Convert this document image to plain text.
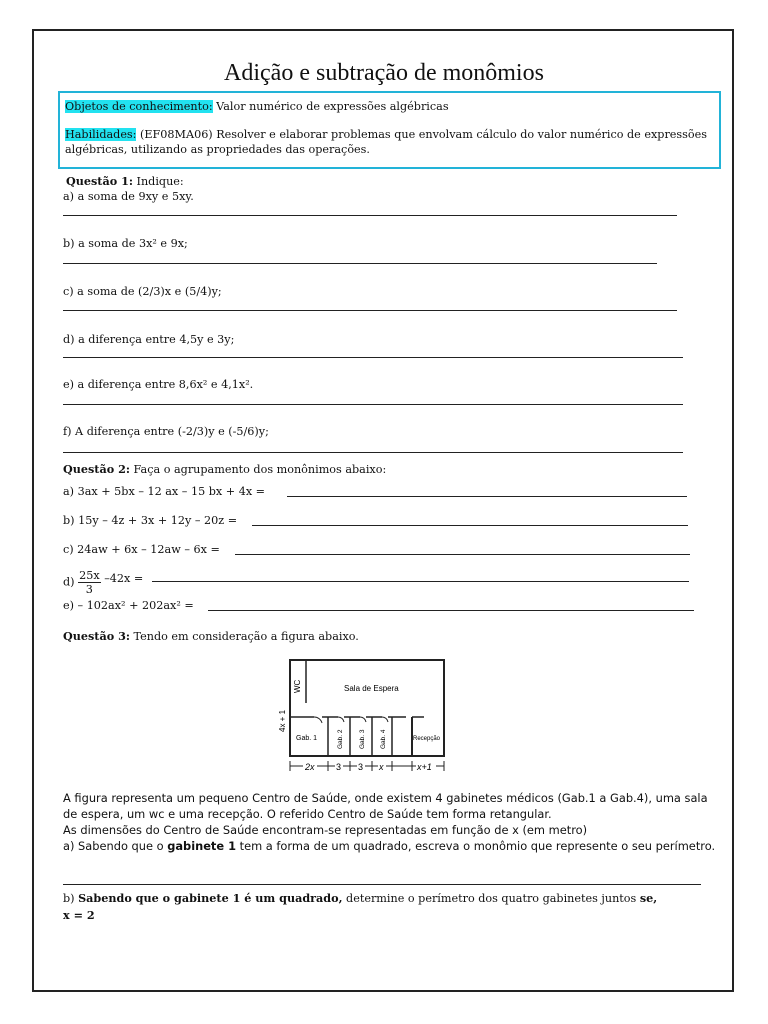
Adição e subtração de monômios
Objetos de conhecimento: Valor numérico de expressões algébricas
Habilidades: (EF08MA06) Resolver e elaborar problemas que envolvam cálculo do valor numérico de expressões algébricas, utilizando as propriedades das operações.
Questão 1: Indique:
a) a soma de 9xy e 5xy.
b) a soma de 3x² e 9x;
c) a soma de (2/3)x e (5/4)y;
d) a diferença entre 4,5y e 3y;
e) a diferença entre 8,6x² e 4,1x².
f) A diferença entre (-2/3)y e (-5/6)y;
Questão 2: Faça o agrupamento dos monônimos abaixo:
a) 3ax + 5bx – 12 ax – 15 bx + 4x =
b) 15y – 4z + 3x + 12y – 20z =
c) 24aw + 6x – 12aw – 6x =
$d) \frac{25x}{3} -42x$ =
e) – 102ax² + 202ax² =
Questão 3: Tendo em consideração a figura abaixo.
WC	Sala de Espera
4x + 1
Gab. 1	Gab. 2 Gab. 3 Gab. 4	Recepção
2x 3 3 x	x+1
A figura representa um pequeno Centro de Saúde, onde existem 4 gabinetes médicos (Gab.1 a Gab.4), uma sala de espera, um wc e uma recepção. O referido Centro de Saúde tem forma retangular.
As dimensões do Centro de Saúde encontram-se representadas em função de x (em metro)
a) Sabendo que o gabinete 1 tem a forma de um quadrado, escreva o monômio que represente o seu perímetro.
b) Sabendo que o gabinete 1 é um quadrado, determine o perímetro dos quatro gabinetes juntos se,
x = 2
